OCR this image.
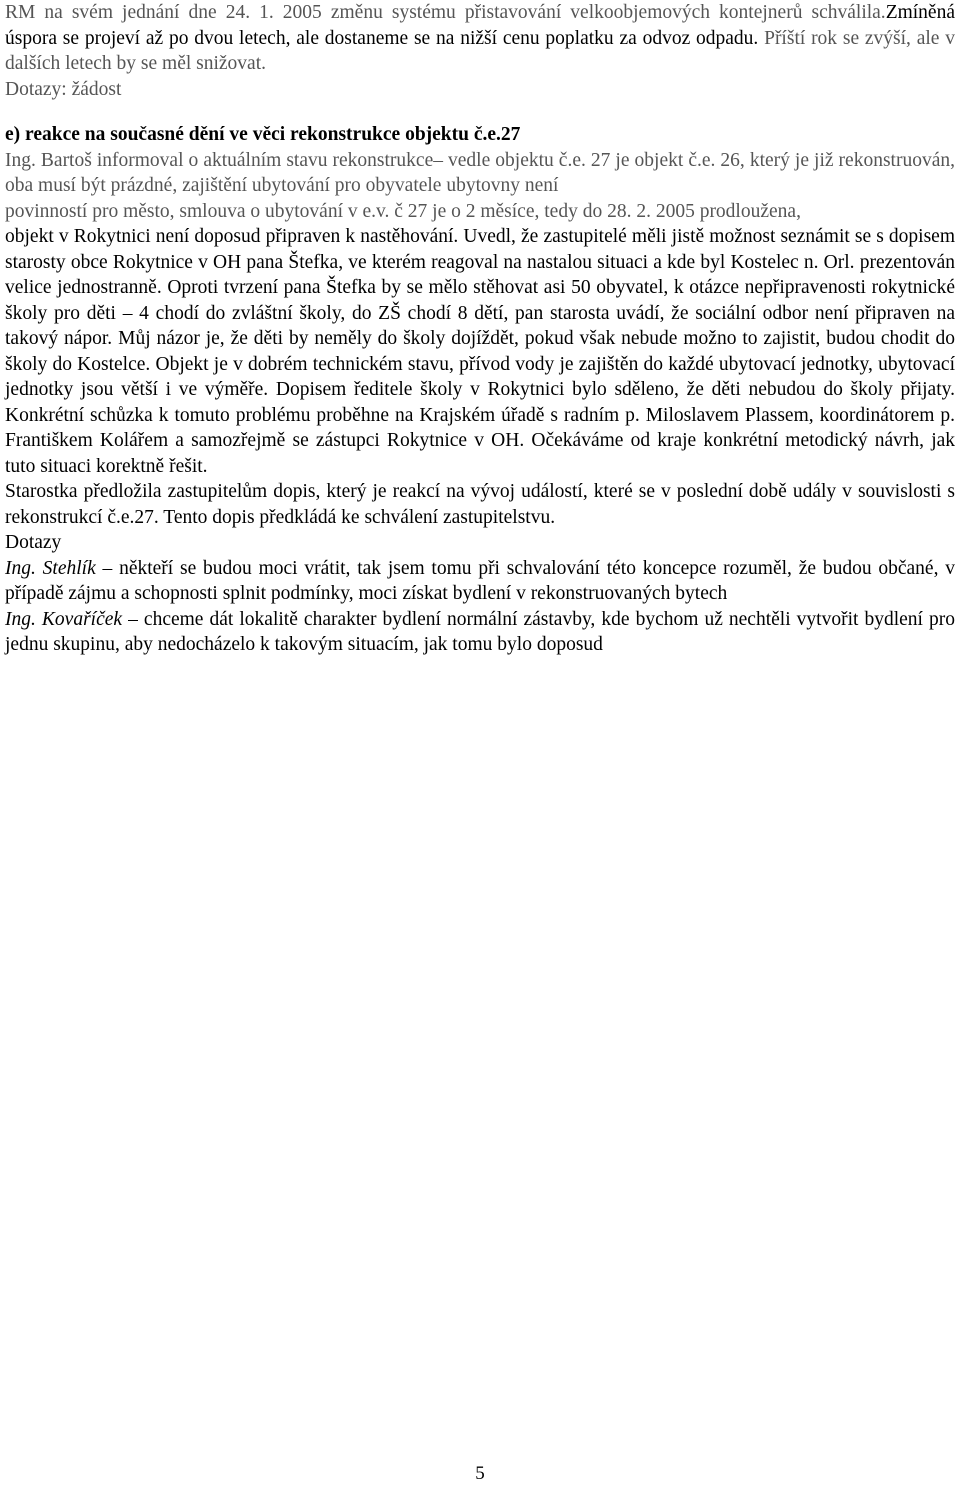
RM na svém jednání dne 24. 1. 2005 změnu systému přistavování velkoobjemových kontejnerů schválila.Zmíněná úspora se projeví až po dvou letech, ale dostaneme se na nižší cenu poplatku za odvoz odpadu. Příští rok se zvýší, ale v dalších letech by se měl snižovat.
Dotazy: žádost
e) reakce na současné dění ve věci rekonstrukce objektu č.e.27
Ing. Bartoš informoval o aktuálním stavu rekonstrukce– vedle objektu č.e. 27 je objekt č.e. 26, který je již rekonstruován, oba musí být prázdné, zajištění ubytování pro obyvatele ubytovny není
povinností pro město, smlouva o ubytování v e.v. č 27 je o 2 měsíce, tedy do 28. 2. 2005 prodloužena,
objekt v Rokytnici není doposud připraven k nastěhování. Uvedl, že zastupitelé měli jistě možnost seznámit se s dopisem starosty obce Rokytnice v OH pana Štefka, ve kterém reagoval na nastalou situaci a kde byl Kostelec n. Orl. prezentován velice jednostranně. Oproti tvrzení pana Štefka by se mělo stěhovat asi 50 obyvatel, k otázce nepřipravenosti rokytnické školy pro děti – 4 chodí do zvláštní školy, do ZŠ chodí 8 dětí, pan starosta uvádí, že sociální odbor není připraven na takový nápor. Můj názor je, že děti by neměly do školy dojíždět, pokud však nebude možno to zajistit, budou chodit do školy do Kostelce. Objekt je v dobrém technickém stavu, přívod vody je zajištěn do každé ubytovací jednotky, ubytovací jednotky jsou větší i ve výměře. Dopisem ředitele školy v Rokytnici bylo sděleno, že děti nebudou do školy přijaty. Konkrétní schůzka k tomuto problému proběhne na Krajském úřadě s radním p. Miloslavem Plassem, koordinátorem p. Františkem Kolářem a samozřejmě se zástupci Rokytnice v OH. Očekáváme od kraje konkrétní metodický návrh, jak tuto situaci korektně řešit.
Starostka předložila zastupitelům dopis, který je reakcí na vývoj událostí, které se v poslední době udály v souvislosti s rekonstrukcí č.e.27. Tento dopis předkládá ke schválení zastupitelstvu.
Dotazy
Ing. Stehlík – někteří se budou moci vrátit, tak jsem tomu při schvalování této koncepce rozuměl, že budou občané, v případě zájmu a schopnosti splnit podmínky, moci získat bydlení v rekonstruovaných bytech
Ing. Kovaříček – chceme dát lokalitě charakter bydlení normální zástavby, kde bychom už nechtěli vytvořit bydlení pro jednu skupinu, aby nedocházelo k takovým situacím, jak tomu bylo doposud
5
